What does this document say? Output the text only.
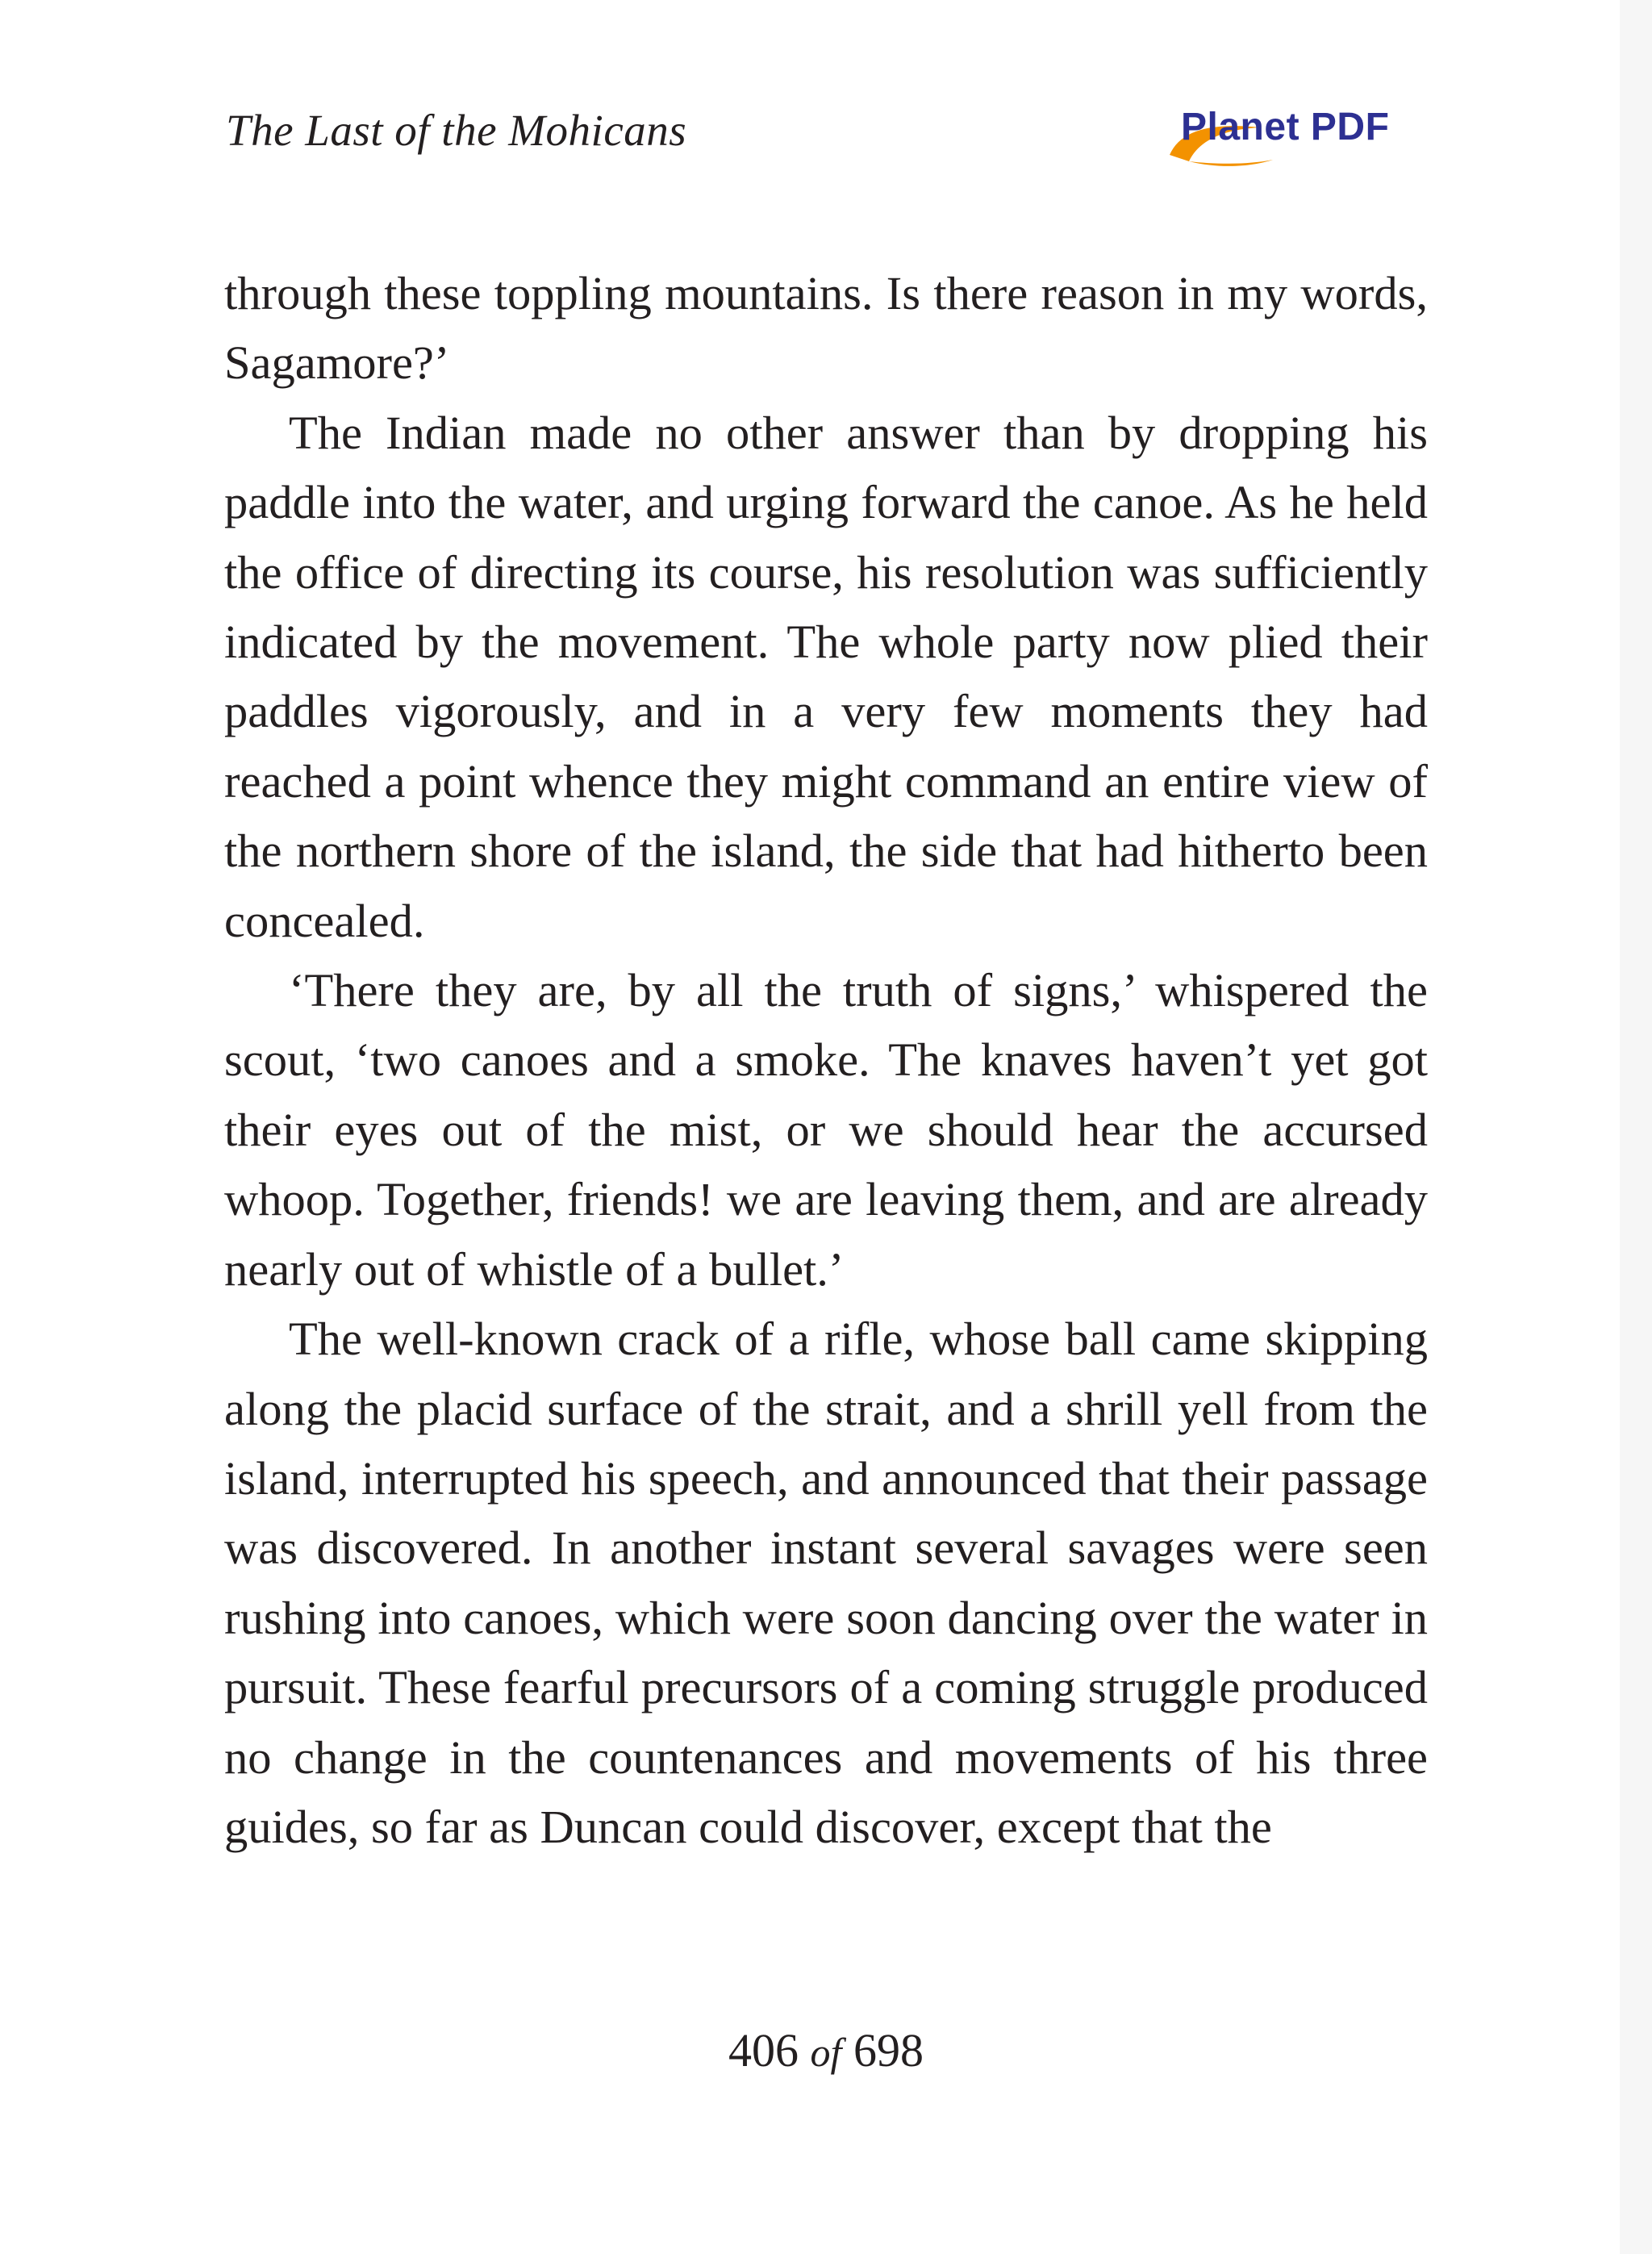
The Last of the Mohicans	Planet PDF

through these toppling mountains. Is there reason in my words, Sagamore?’

The Indian made no other answer than by dropping his paddle into the water, and urging forward the canoe. As he held the office of directing its course, his resolution was sufficiently indicated by the movement. The whole party now plied their paddles vigorously, and in a very few moments they had reached a point whence they might command an entire view of the northern shore of the island, the side that had hitherto been concealed.

‘There they are, by all the truth of signs,’ whispered the scout, ‘two canoes and a smoke. The knaves haven’t yet got their eyes out of the mist, or we should hear the accursed whoop. Together, friends! we are leaving them, and are already nearly out of whistle of a bullet.’

The well-known crack of a rifle, whose ball came skipping along the placid surface of the strait, and a shrill yell from the island, interrupted his speech, and announced that their passage was discovered. In another instant several savages were seen rushing into canoes, which were soon dancing over the water in pursuit. These fearful precursors of a coming struggle produced no change in the countenances and movements of his three guides, so far as Duncan could discover, except that the

406 of 698
